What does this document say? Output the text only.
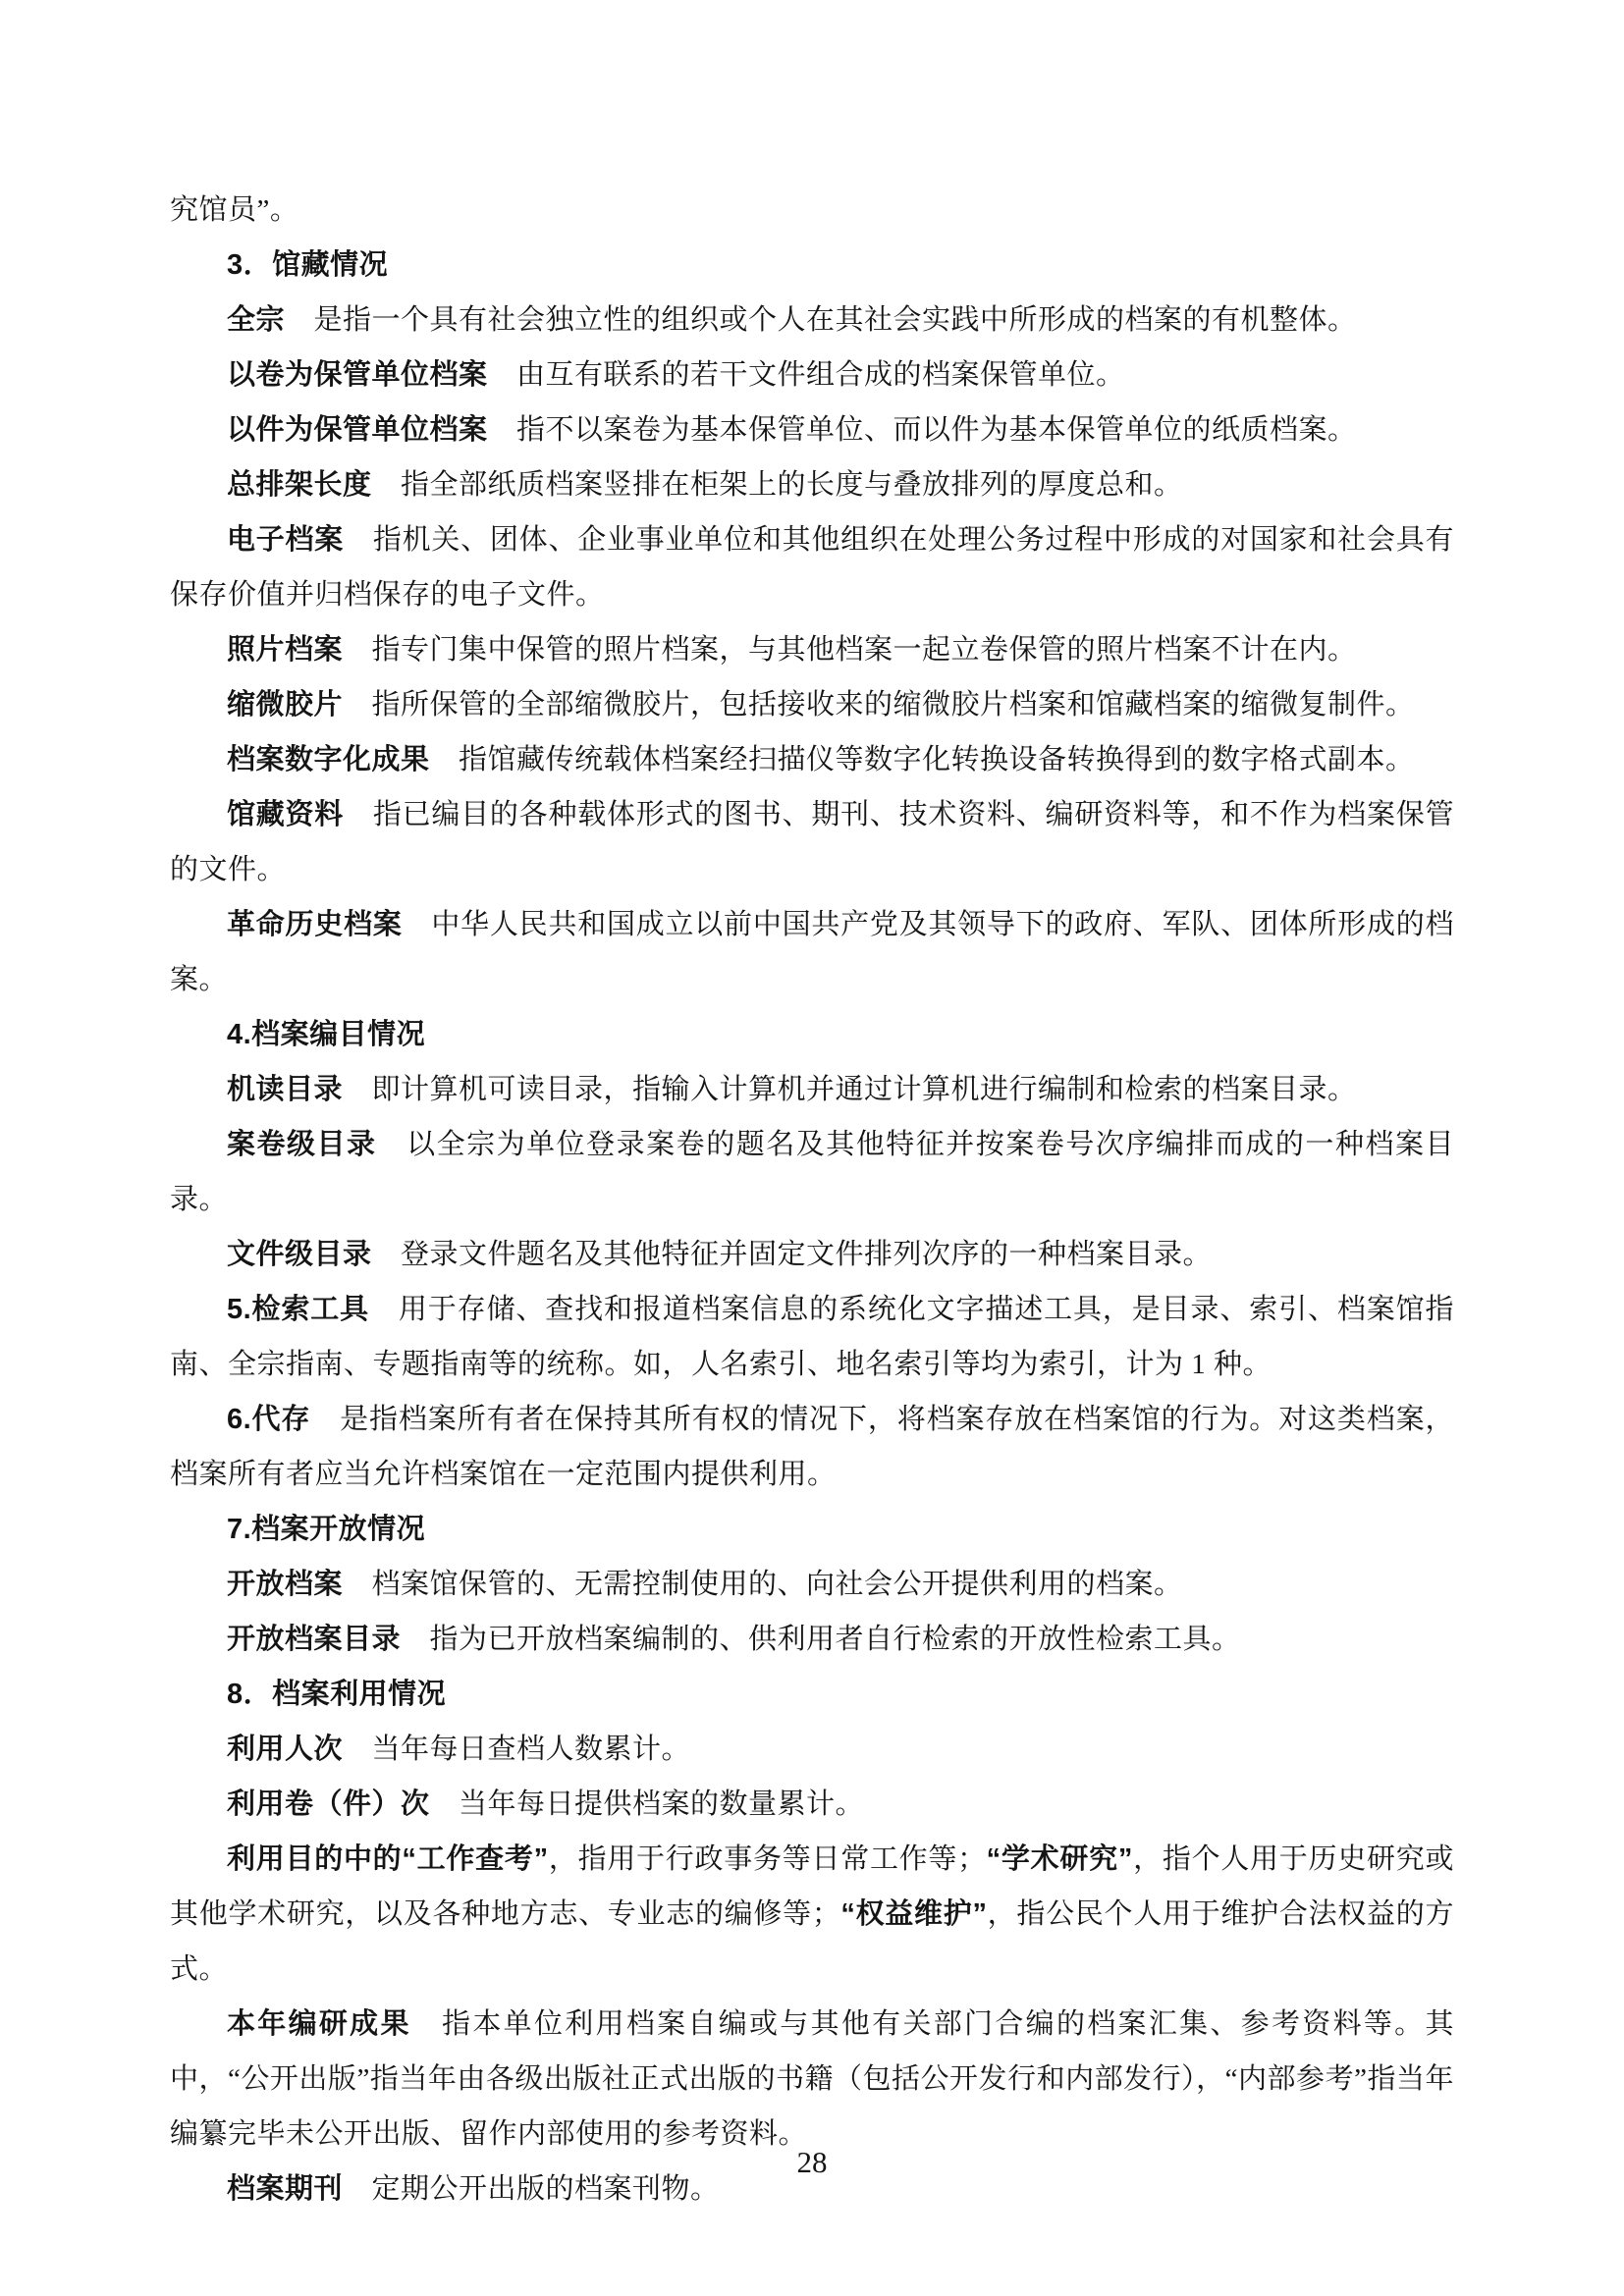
究馆员”。

3．馆藏情况

全宗　是指一个具有社会独立性的组织或个人在其社会实践中所形成的档案的有机整体。

以卷为保管单位档案　由互有联系的若干文件组合成的档案保管单位。

以件为保管单位档案　指不以案卷为基本保管单位、而以件为基本保管单位的纸质档案。

总排架长度　指全部纸质档案竖排在柜架上的长度与叠放排列的厚度总和。

电子档案　指机关、团体、企业事业单位和其他组织在处理公务过程中形成的对国家和社会具有保存价值并归档保存的电子文件。

照片档案　指专门集中保管的照片档案，与其他档案一起立卷保管的照片档案不计在内。

缩微胶片　指所保管的全部缩微胶片，包括接收来的缩微胶片档案和馆藏档案的缩微复制件。

档案数字化成果　指馆藏传统载体档案经扫描仪等数字化转换设备转换得到的数字格式副本。

馆藏资料　指已编目的各种载体形式的图书、期刊、技术资料、编研资料等，和不作为档案保管的文件。

革命历史档案　中华人民共和国成立以前中国共产党及其领导下的政府、军队、团体所形成的档案。

4.档案编目情况

机读目录　即计算机可读目录，指输入计算机并通过计算机进行编制和检索的档案目录。

案卷级目录　以全宗为单位登录案卷的题名及其他特征并按案卷号次序编排而成的一种档案目录。

文件级目录　登录文件题名及其他特征并固定文件排列次序的一种档案目录。

5.检索工具　用于存储、查找和报道档案信息的系统化文字描述工具，是目录、索引、档案馆指南、全宗指南、专题指南等的统称。如，人名索引、地名索引等均为索引，计为 1 种。

6.代存　是指档案所有者在保持其所有权的情况下，将档案存放在档案馆的行为。对这类档案，档案所有者应当允许档案馆在一定范围内提供利用。

7.档案开放情况

开放档案　档案馆保管的、无需控制使用的、向社会公开提供利用的档案。

开放档案目录　指为已开放档案编制的、供利用者自行检索的开放性检索工具。

8．档案利用情况

利用人次　当年每日查档人数累计。

利用卷（件）次　当年每日提供档案的数量累计。

利用目的中的“工作查考”，指用于行政事务等日常工作等；“学术研究”，指个人用于历史研究或其他学术研究，以及各种地方志、专业志的编修等；“权益维护”，指公民个人用于维护合法权益的方式。

本年编研成果　指本单位利用档案自编或与其他有关部门合编的档案汇集、参考资料等。其中，“公开出版”指当年由各级出版社正式出版的书籍（包括公开发行和内部发行），“内部参考”指当年编纂完毕未公开出版、留作内部使用的参考资料。

档案期刊　定期公开出版的档案刊物。

28
